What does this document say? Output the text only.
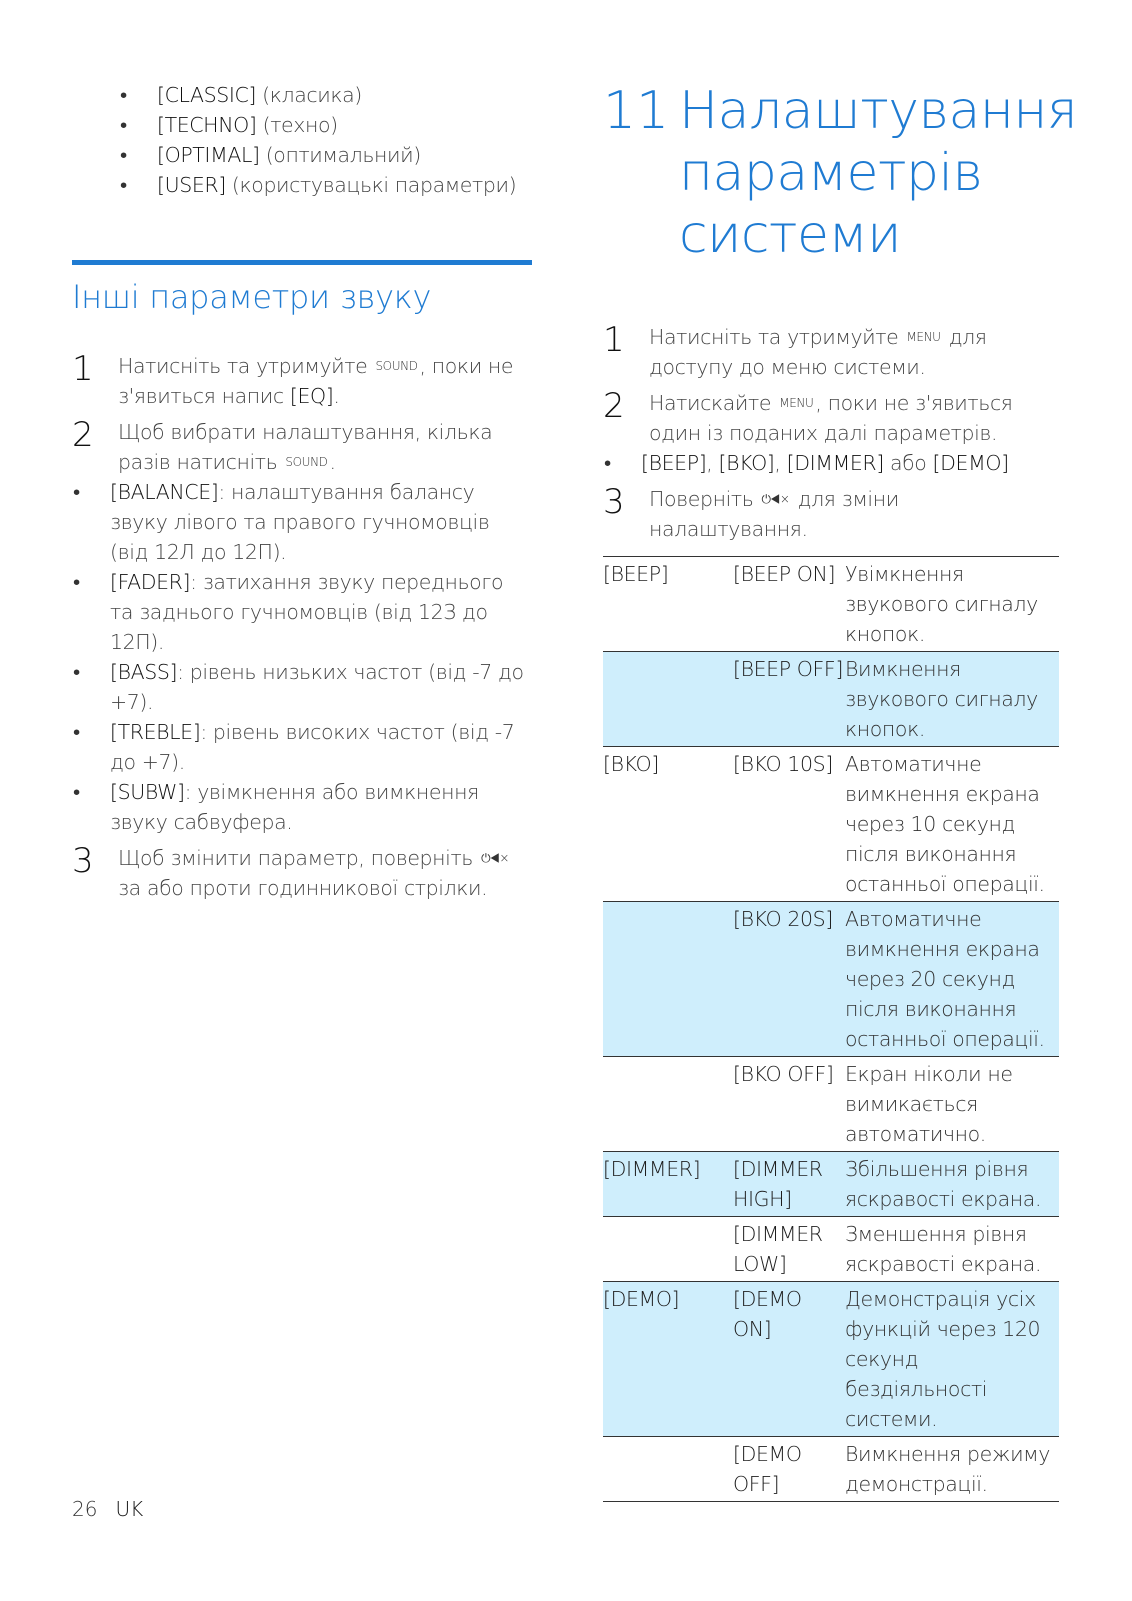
• [CLASSIC] (класика)
• [TECHNO] (техно)
• [OPTIMAL] (оптимальний)
• [USER] (користувацькі параметри)
Інші параметри звуку
1 Натисніть та утримуйте SOUND, поки не з'явиться напис [EQ].
2 Щоб вибрати налаштування, кілька разів натисніть SOUND.
• [BALANCE]: налаштування балансу звуку лівого та правого гучномовців (від 12Л до 12П).
• [FADER]: затихання звуку переднього та заднього гучномовців (від 12З до 12П).
• [BASS]: рівень низьких частот (від -7 до +7).
• [TREBLE]: рівень високих частот (від -7 до +7).
• [SUBW]: увімкнення або вимкнення звуку сабвуфера.
3 Щоб змінити параметр, поверніть ⏻◀× за або проти годинникової стрілки.
11 Налаштування параметрів системи
1 Натисніть та утримуйте MENU для доступу до меню системи.
2 Натискайте MENU, поки не з'явиться один із поданих далі параметрів.
• [BEEP], [BKO], [DIMMER] або [DEMO]
3 Поверніть ⏻◀× для зміни налаштування.
[BEEP]	[BEEP ON]	Увімкнення звукового сигналу кнопок.
	[BEEP OFF]	Вимкнення звукового сигналу кнопок.
[BKO]	[BKO 10S]	Автоматичне вимкнення екрана через 10 секунд після виконання останньої операції.
	[BKO 20S]	Автоматичне вимкнення екрана через 20 секунд після виконання останньої операції.
	[BKO OFF]	Екран ніколи не вимикається автоматично.
[DIMMER]	[DIMMER HIGH]	Збільшення рівня яскравості екрана.
	[DIMMER LOW]	Зменшення рівня яскравості екрана.
[DEMO]	[DEMO ON]	Демонстрація усіх функцій через 120 секунд бездіяльності системи.
	[DEMO OFF]	Вимкнення режиму демонстрації.
26 UK
